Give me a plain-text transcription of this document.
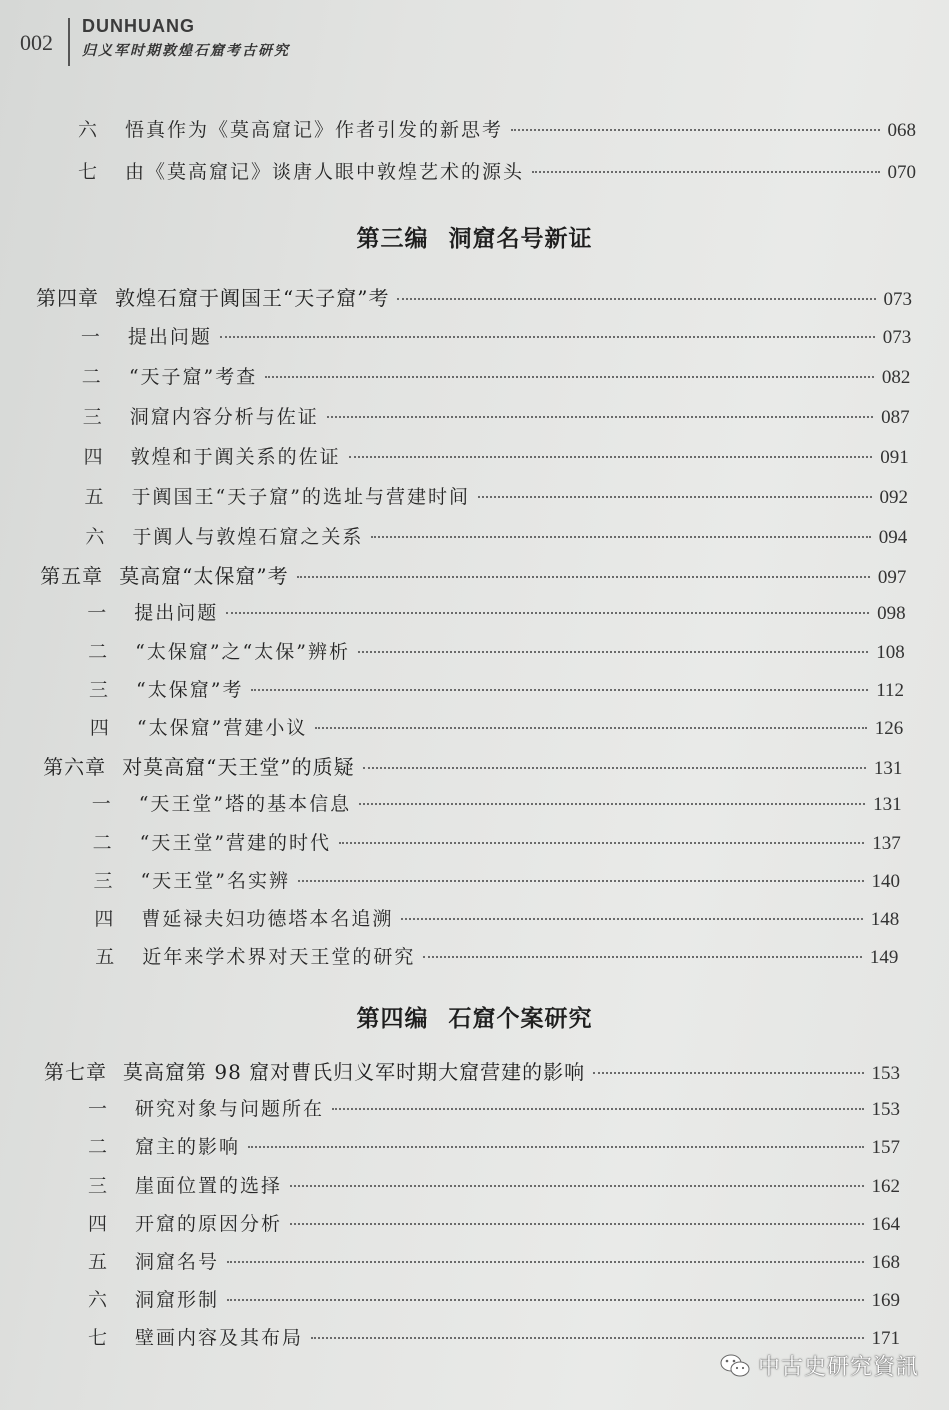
002
DUNHUANG
归义军时期敦煌石窟考古研究
第三编 洞窟名号新证
第四编 石窟个案研究
六 悟真作为《莫高窟记》作者引发的新思考	068
七 由《莫高窟记》谈唐人眼中敦煌艺术的源头	070
第四章 敦煌石窟于阗国王“天子窟”考	073
一 提出问题	073
二 “天子窟”考查	082
三 洞窟内容分析与佐证	087
四 敦煌和于阗关系的佐证	091
五 于阗国王“天子窟”的选址与营建时间	092
六 于阗人与敦煌石窟之关系	094
第五章 莫高窟“太保窟”考	097
一 提出问题	098
二 “太保窟”之“太保”辨析	108
三 “太保窟”考	112
四 “太保窟”营建小议	126
第六章 对莫高窟“天王堂”的质疑	131
一 “天王堂”塔的基本信息	131
二 “天王堂”营建的时代	137
三 “天王堂”名实辨	140
四 曹延禄夫妇功德塔本名追溯	148
五 近年来学术界对天王堂的研究	149
第七章 莫高窟第 98 窟对曹氏归义军时期大窟营建的影响	153
一 研究对象与问题所在	153
二 窟主的影响	157
三 崖面位置的选择	162
四 开窟的原因分析	164
五 洞窟名号	168
六 洞窟形制	169
七 壁画内容及其布局	171
中古史研究資訊
